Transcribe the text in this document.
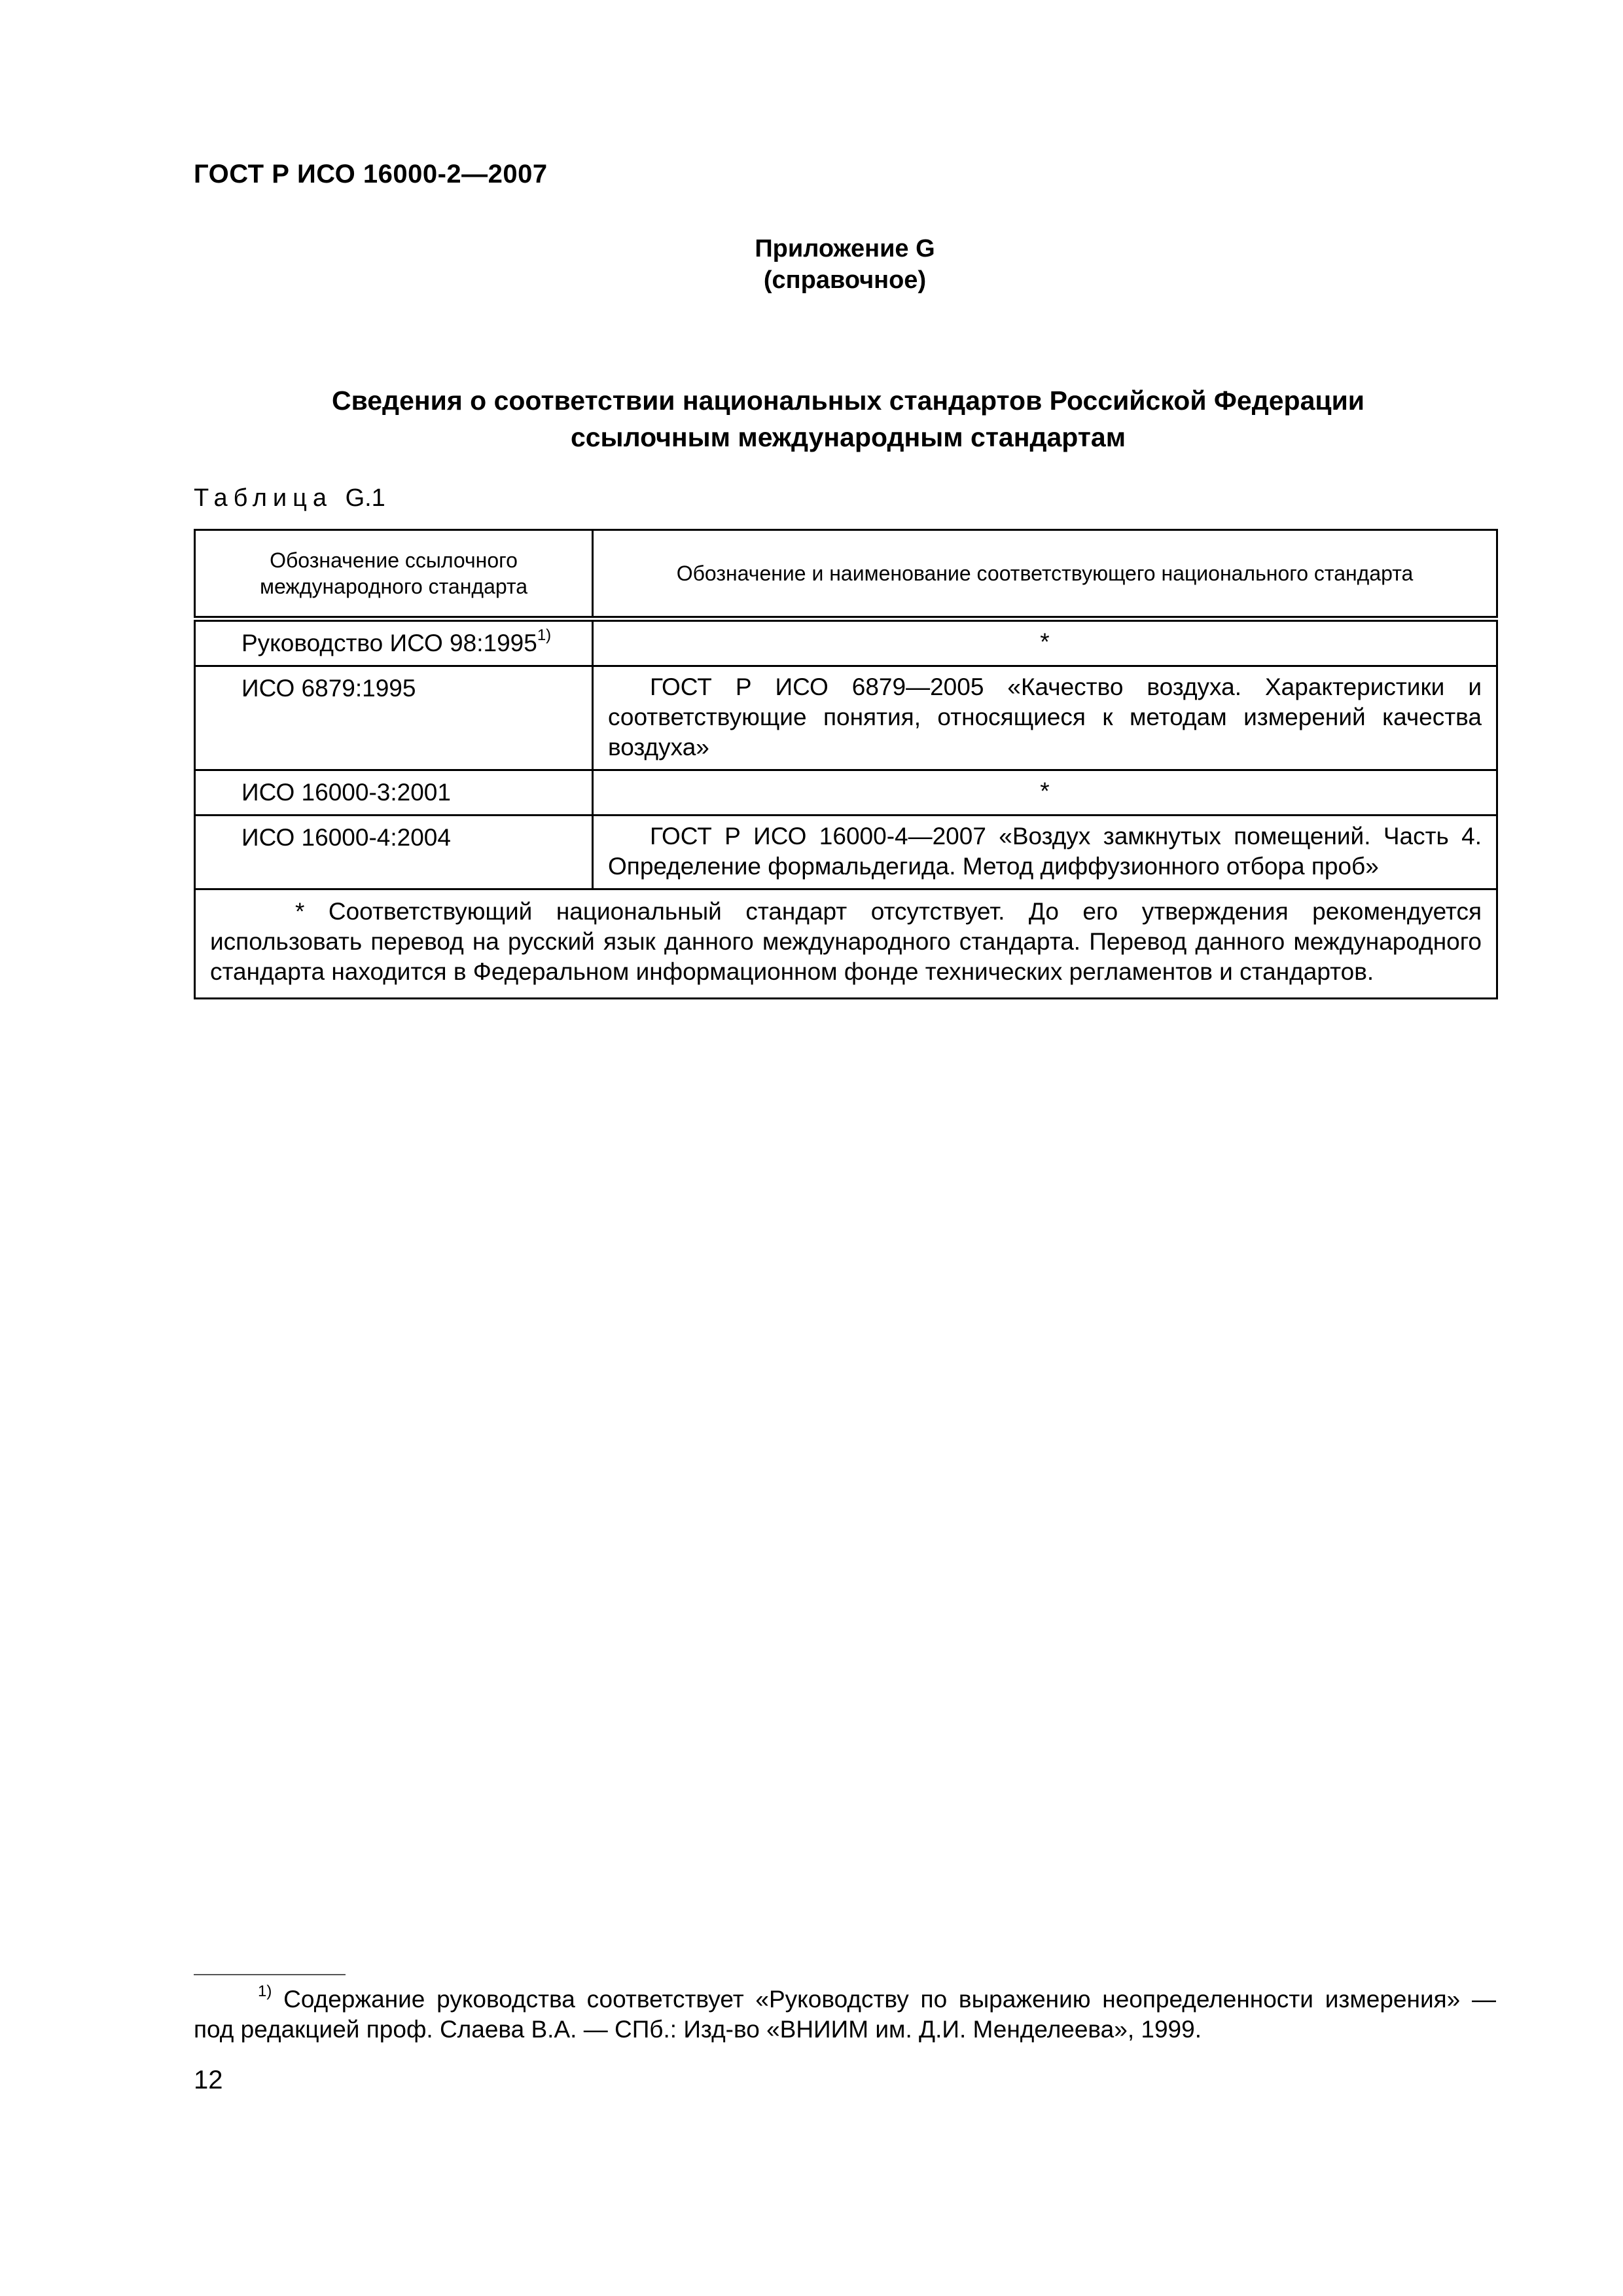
ГОСТ Р ИСО 16000-2—2007
Приложение G
(справочное)
Сведения о соответствии национальных стандартов Российской Федерации
ссылочным международным стандартам
Таблица G.1
Обозначение ссылочного международного стандарта	Обозначение и наименование соответствующего национального стандарта
Руководство ИСО 98:1995$^{1)}$	*
ИСО 6879:1995	ГОСТ Р ИСО 6879—2005 «Качество воздуха. Характеристики и соответствующие понятия, относящиеся к методам измерений качества воздуха»
ИСО 16000-3:2001	*
ИСО 16000-4:2004	ГОСТ Р ИСО 16000-4—2007 «Воздух замкнутых помещений. Часть 4. Определение формальдегида. Метод диффузионного отбора проб»
* Соответствующий национальный стандарт отсутствует. До его утверждения рекомендуется использовать перевод на русский язык данного международного стандарта. Перевод данного международного стандарта находится в Федеральном информационном фонде технических регламентов и стандартов.	
$^{1)}$ Содержание руководства соответствует «Руководству по выражению неопределенности измерения» — под редакцией проф. Слаева В.А. — СПб.: Изд-во «ВНИИМ им. Д.И. Менделеева», 1999.
12
